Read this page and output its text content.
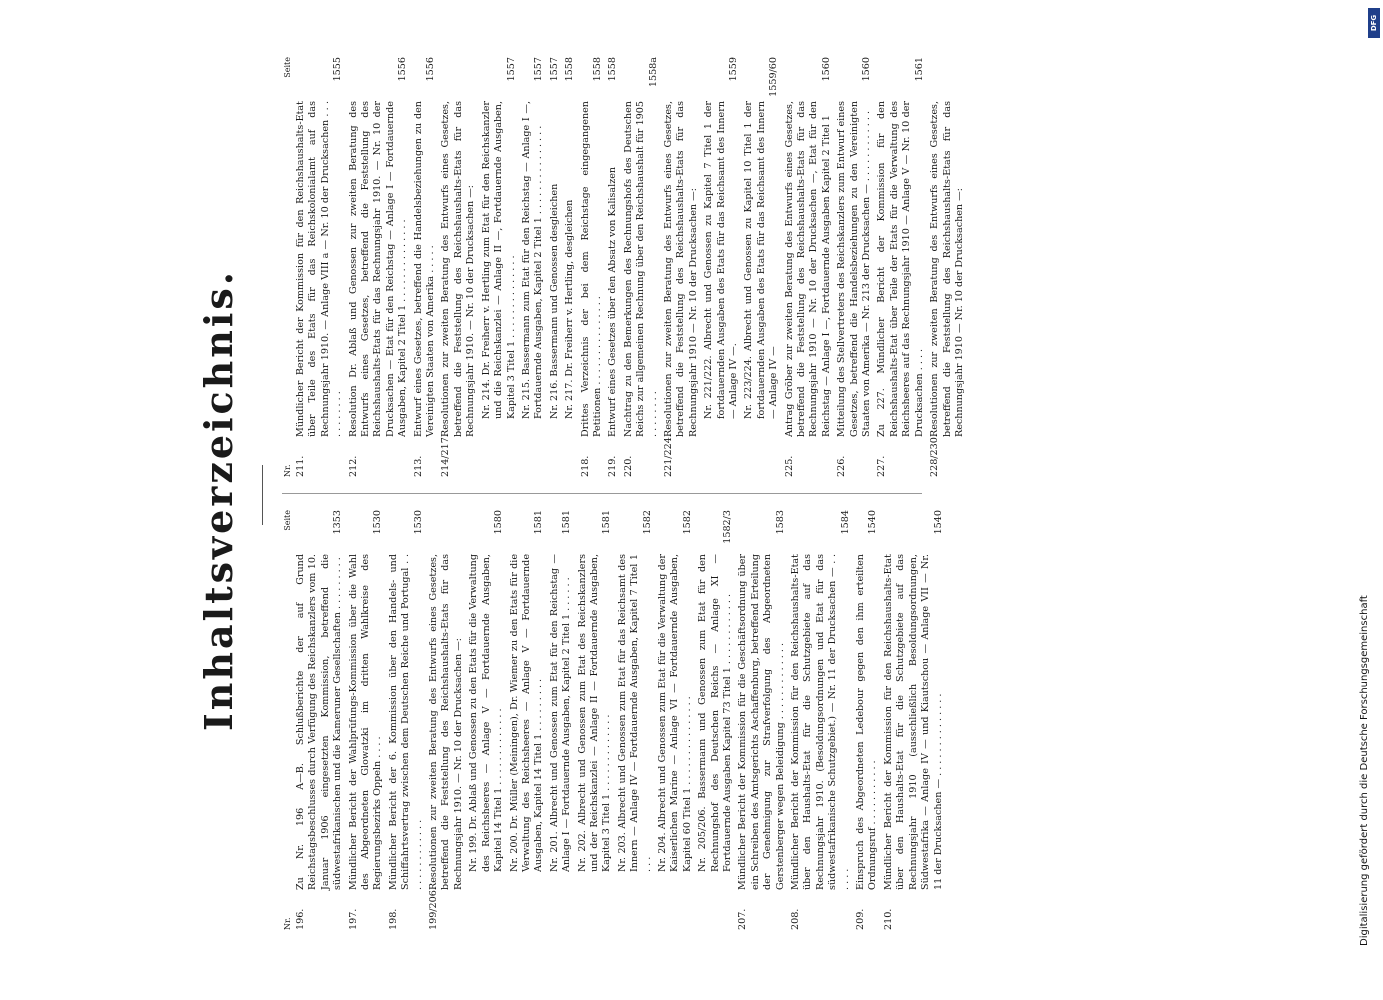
Inhaltsverzeichnis.
Nr.
Seite
196.
Zu Nr. 196 A—B. Schlußberichte der auf Grund Reichstagsbeschlusses durch Verfügung des Reichskanzlers vom 10. Januar 1906 eingesetzten Kommission, betreffend die südwestafrikanischen und die Kameruner Gesellschaften . . . . . . . . .
1353
197.
Mündlicher Bericht der Wahlprüfungs-Kommission über die Wahl des Abgeordneten Glowatzki im dritten Wahlkreise des Regierungsbezirks Oppeln . . . .
1530
198.
Mündlicher Bericht der 6. Kommission über den Handels- und Schiffahrtsvertrag zwischen dem Deutschen Reiche und Portugal . . . . . . . . . . . . . .
1530
199/206.
Resolutionen zur zweiten Beratung des Entwurfs eines Gesetzes, betreffend die Feststellung des Reichshaushalts-Etats für das Rechnungsjahr 1910. — Nr. 10 der Drucksachen —: Nr. 199. Dr. Ablaß und Genossen zu den Etats für die Verwaltung des Reichsheeres — Anlage V — Fortdauernde Ausgaben, Kapitel 14 Titel 1 . . . . . . . . . . . . .
1580
Nr. 200. Dr. Müller (Meiningen), Dr. Wiemer zu den Etats für die Verwaltung des Reichsheeres — Anlage V — Fortdauernde Ausgaben, Kapitel 14 Titel 1 . . . . . . . . .
1581
Nr. 201. Albrecht und Genossen zum Etat für den Reichstag — Anlage I — Fortdauernde Ausgaben, Kapitel 2 Titel 1 . . . . . .
1581
Nr. 202. Albrecht und Genossen zum Etat des Reichskanzlers und der Reichskanzlei — Anlage II — Fortdauernde Ausgaben, Kapitel 3 Titel 1 . . . . . . . . . . . . .
1581
Nr. 203. Albrecht und Genossen zum Etat für das Reichsamt des Innern — Anlage IV — Fortdauernde Ausgaben, Kapitel 7 Titel 1 . . .
1582
Nr. 204. Albrecht und Genossen zum Etat für die Verwaltung der Kaiserlichen Marine — Anlage VI — Fortdauernde Ausgaben, Kapitel 60 Titel 1 . . . . . . . . . . . . . . .
1582
Nr. 205/206. Bassermann und Genossen zum Etat für den Rechnungshof des Deutschen Reichs — Anlage XI — Fortdauernde Ausgaben Kapitel 73 Titel 1 . . . . . . . . . . . .
1582/3
207.
Mündlicher Bericht der Kommission für die Geschäftsordnung über ein Schreiben des Amtsgerichts Aschaffenburg, betreffend Erteilung der Genehmigung zur Strafverfolgung des Abgeordneten Gerstenberger wegen Beleidigung . . . . . . . . . . . . .
1583
208.
Mündlicher Bericht der Kommission für den Reichshaushalts-Etat über den Haushalts-Etat für die Schutzgebiete auf das Rechnungsjahr 1910. (Besoldungsordnungen und Etat für das südwestafrikanische Schutzgebiet.) — Nr. 11 der Drucksachen — . . . . . .
1584
209.
Einspruch des Abgeordneten Ledebour gegen den ihm erteilten Ordnungsruf . . . . . . . . . . .
1540
210.
Mündlicher Bericht der Kommission für den Reichshaushalts-Etat über den Haushalts-Etat für die Schutzgebiete auf das Rechnungsjahr 1910 (ausschließlich Besoldungsordnungen, Südwestafrika — Anlage IV — und Kiautschou — Anlage VII — Nr. 11 der Drucksachen — . . . . . . . . . . . . . .
1540
Nr.
Seite
211.
Mündlicher Bericht der Kommission für den Reichshaushalts-Etat über Teile des Etats für das Reichskolonialamt auf das Rechnungsjahr 1910. — Anlage VIII a — Nr. 10 der Drucksachen . . . . . . . . . . .
1555
212.
Resolution Dr. Ablaß und Genossen zur zweiten Beratung des Entwurfs eines Gesetzes, betreffend die Feststellung des Reichshaushalts-Etats für das Rechnungsjahr 1910. — Nr. 10 der Drucksachen — Etat für den Reichstag — Anlage I — Fortdauernde Ausgaben, Kapitel 2 Titel 1 . . . . . . . . . . . . . .
1556
213.
Entwurf eines Gesetzes, betreffend die Handelsbeziehungen zu den Vereinigten Staaten von Amerika . . . . .
1556
214/217.
Resolutionen zur zweiten Beratung des Entwurfs eines Gesetzes, betreffend die Feststellung des Reichshaushalts-Etats für das Rechnungsjahr 1910. — Nr. 10 der Drucksachen —: Nr. 214. Dr. Freiherr v. Hertling zum Etat für den Reichskanzler und die Reichskanzlei — Anlage II —, Fortdauernde Ausgaben, Kapitel 3 Titel 1 . . . . . . . . . . . . . .
1557
Nr. 215. Bassermann zum Etat für den Reichstag — Anlage I —, Fortdauernde Ausgaben, Kapitel 2 Titel 1 . . . . . . . . . . . . . . .
1557
Nr. 216. Bassermann und Genossen desgleichen
1557
Nr. 217. Dr. Freiherr v. Hertling, desgleichen
1558
218.
Drittes Verzeichnis der bei dem Reichstage eingegangenen Petitionen . . . . . . . . . . . . . . .
1558
219.
Entwurf eines Gesetzes über den Absatz von Kalisalzen
1558
220.
Nachtrag zu den Bemerkungen des Rechnungshofs des Deutschen Reichs zur allgemeinen Rechnung über den Reichshaushalt für 1905 . . . . . . . .
1558a
221/224.
Resolutionen zur zweiten Beratung des Entwurfs eines Gesetzes, betreffend die Feststellung des Reichshaushalts-Etats für das Rechnungsjahr 1910 — Nr. 10 der Drucksachen —: Nr. 221/222. Albrecht und Genossen zu Kapitel 7 Titel 1 der fortdauernden Ausgaben des Etats für das Reichsamt des Innern — Anlage IV —.
1559
Nr. 223/224. Albrecht und Genossen zu Kapitel 10 Titel 1 der fortdauernden Ausgaben des Etats für das Reichsamt des Innern — Anlage IV —
1559/60
225.
Antrag Gröber zur zweiten Beratung des Entwurfs eines Gesetzes, betreffend die Feststellung des Reichshaushalts-Etats für das Rechnungsjahr 1910 — Nr. 10 der Drucksachen —, Etat für den Reichstag — Anlage I —, Fortdauernde Ausgaben Kapitel 2 Titel 1
1560
226.
Mitteilung des Stellvertreters des Reichskanzlers zum Entwurf eines Gesetzes, betreffend die Handelsbeziehungen zu den Vereinigten Staaten von Amerika — Nr. 213 der Drucksachen — . . . . . . . . . . . .
1560
227.
Zu 227. Mündlicher Bericht der Kommission für den Reichshaushalts-Etat über Teile der Etats für die Verwaltung des Reichsheeres auf das Rechnungsjahr 1910 — Anlage V — Nr. 10 der Drucksachen . . . .
1561
228/230.
Resolutionen zur zweiten Beratung des Entwurfs eines Gesetzes, betreffend die Feststellung des Reichshaushalts-Etats für das Rechnungsjahr 1910 — Nr. 10 der Drucksachen —:
Digitalisierung gefördert durch die Deutsche Forschungsgemeinschaft
DFG
